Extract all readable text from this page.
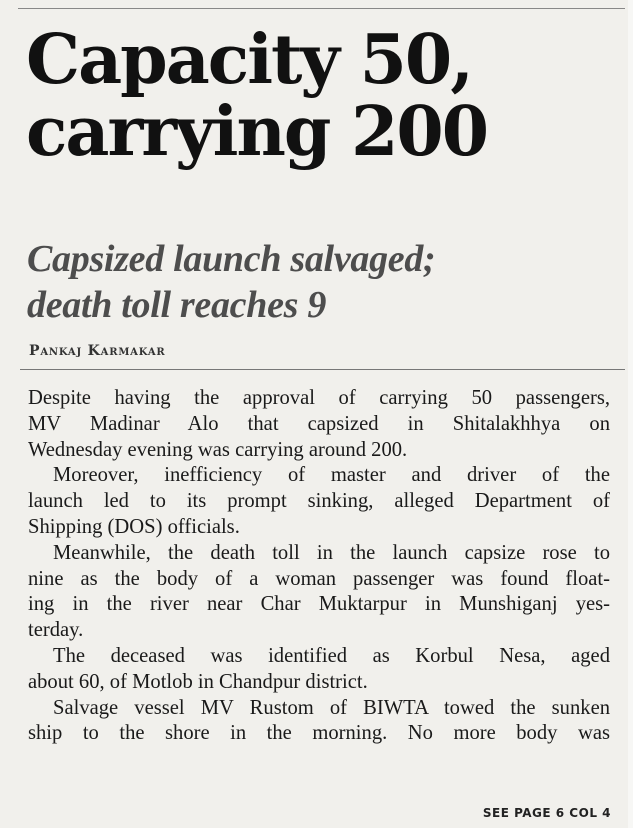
Capacity 50,
carrying 200
Capsized launch salvaged;
death toll reaches 9

Pankaj Karmakar

Despite having the approval of carrying 50 passengers,
MV Madinar Alo that capsized in Shitalakhhya on
Wednesday evening was carrying around 200.
Moreover, inefficiency of master and driver of the
launch led to its prompt sinking, alleged Department of
Shipping (DOS) officials.
Meanwhile, the death toll in the launch capsize rose to
nine as the body of a woman passenger was found float-
ing in the river near Char Muktarpur in Munshiganj yes-
terday.
The deceased was identified as Korbul Nesa, aged
about 60, of Motlob in Chandpur district.
Salvage vessel MV Rustom of BIWTA towed the sunken
ship to the shore in the morning. No more body was

SEE PAGE 6 COL 4
